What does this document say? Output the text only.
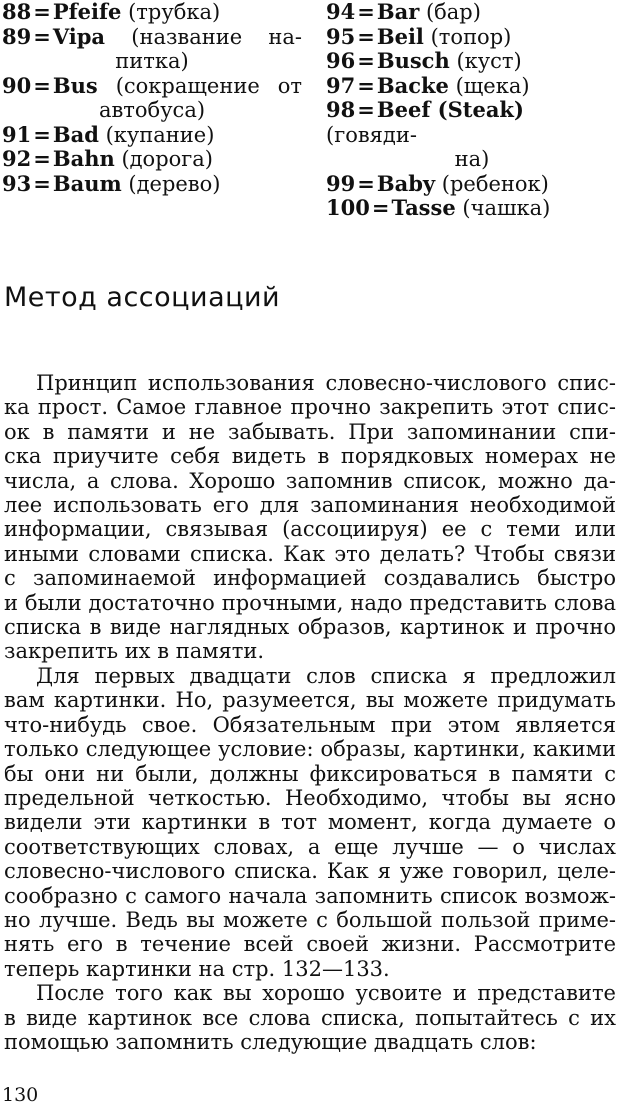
88=Pfeife (трубка)

89=Vipa (название на-

питка)

90=Bus (сокращение от

автобуса)

91=Bad (купание)

92=Bahn (дорога)

93=Baum (дерево)

94=Bar (бар)

95=Beil (топор)

96=Busch (куст)

97=Backe (щека)

98=Beef (Steak) (говяди-

на)

99=Baby (ребенок)

100=Tasse (чашка)

Метод ассоциаций
Принцип использования словесно-числового спис-
ка прост. Самое главное прочно закрепить этот спис-
ок в памяти и не забывать. При запоминании спи-
ска приучите себя видеть в порядковых номерах не
числа, а слова. Хорошо запомнив список, можно да-
лее использовать его для запоминания необходимой
информации, связывая (ассоциируя) ее с теми или
иными словами списка. Как это делать? Чтобы связи
с запоминаемой информацией создавались быстро
и были достаточно прочными, надо представить слова
списка в виде наглядных образов, картинок и прочно
закрепить их в памяти.
Для первых двадцати слов списка я предложил
вам картинки. Но, разумеется, вы можете придумать
что-нибудь свое. Обязательным при этом является
только следующее условие: образы, картинки, какими
бы они ни были, должны фиксироваться в памяти с
предельной четкостью. Необходимо, чтобы вы ясно
видели эти картинки в тот момент, когда думаете о
соответствующих словах, а еще лучше — о числах
словесно-числового списка. Как я уже говорил, целе-
сообразно с самого начала запомнить список возмож-
но лучше. Ведь вы можете с большой пользой приме-
нять его в течение всей своей жизни. Рассмотрите
теперь картинки на стр. 132—133.
После того как вы хорошо усвоите и представите
в виде картинок все слова списка, попытайтесь с их
помощью запомнить следующие двадцать слов:

130
